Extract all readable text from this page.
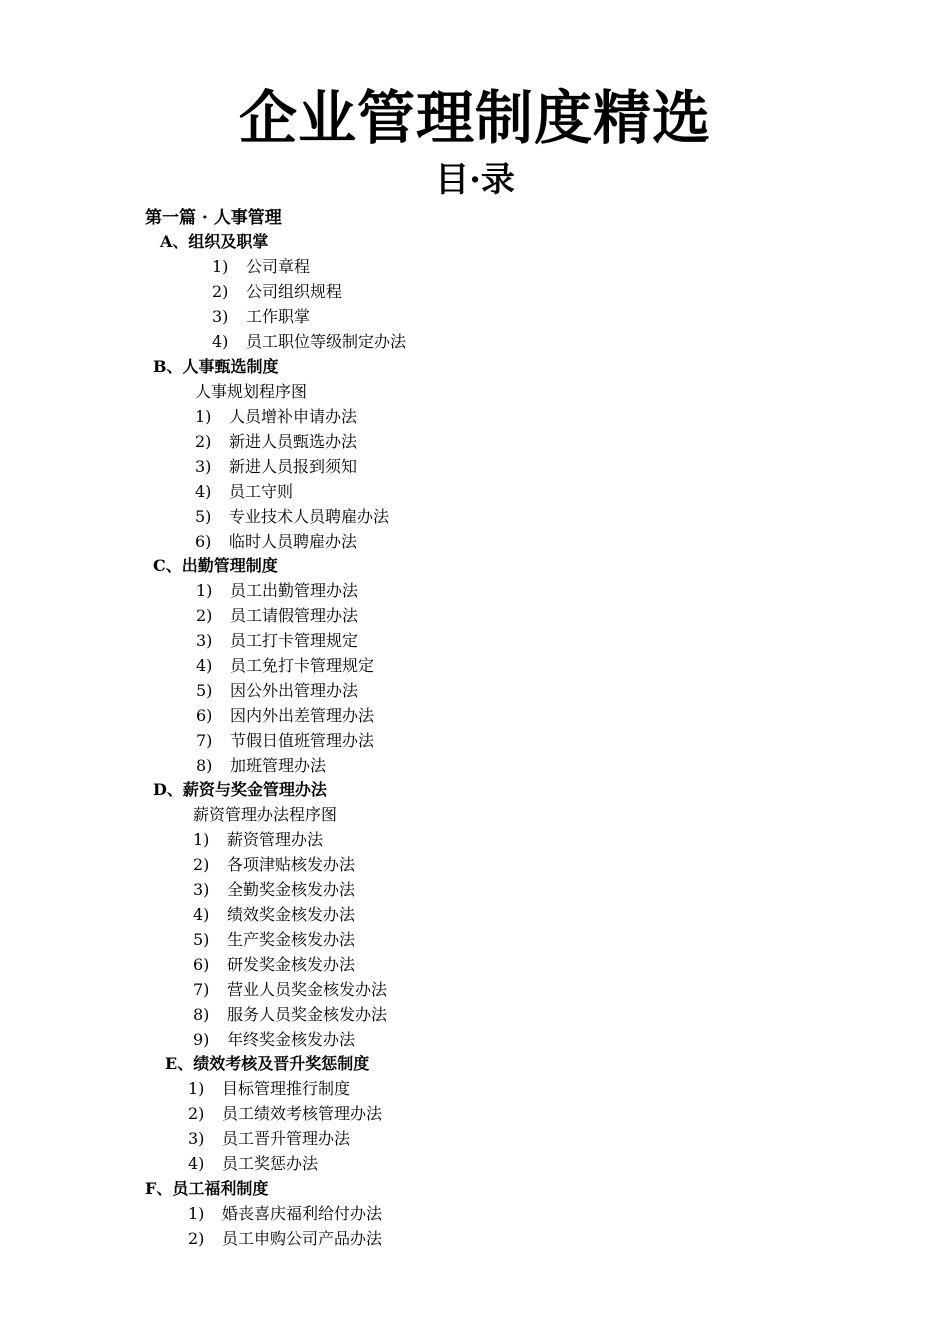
企业管理制度精选
目·录
第一篇 · 人事管理
A、组织及职掌
1) 公司章程
2) 公司组织规程
3) 工作职掌
4) 员工职位等级制定办法
B、人事甄选制度
人事规划程序图
1) 人员增补申请办法
2) 新进人员甄选办法
3) 新进人员报到须知
4) 员工守则
5) 专业技术人员聘雇办法
6) 临时人员聘雇办法
C、出勤管理制度
1) 员工出勤管理办法
2) 员工请假管理办法
3) 员工打卡管理规定
4) 员工免打卡管理规定
5) 因公外出管理办法
6) 因内外出差管理办法
7) 节假日值班管理办法
8) 加班管理办法
D、薪资与奖金管理办法
薪资管理办法程序图
1) 薪资管理办法
2) 各项津贴核发办法
3) 全勤奖金核发办法
4) 绩效奖金核发办法
5) 生产奖金核发办法
6) 研发奖金核发办法
7) 营业人员奖金核发办法
8) 服务人员奖金核发办法
9) 年终奖金核发办法
E、绩效考核及晋升奖惩制度
1) 目标管理推行制度
2) 员工绩效考核管理办法
3) 员工晋升管理办法
4) 员工奖惩办法
F、员工福利制度
1) 婚丧喜庆福利给付办法
2) 员工申购公司产品办法
